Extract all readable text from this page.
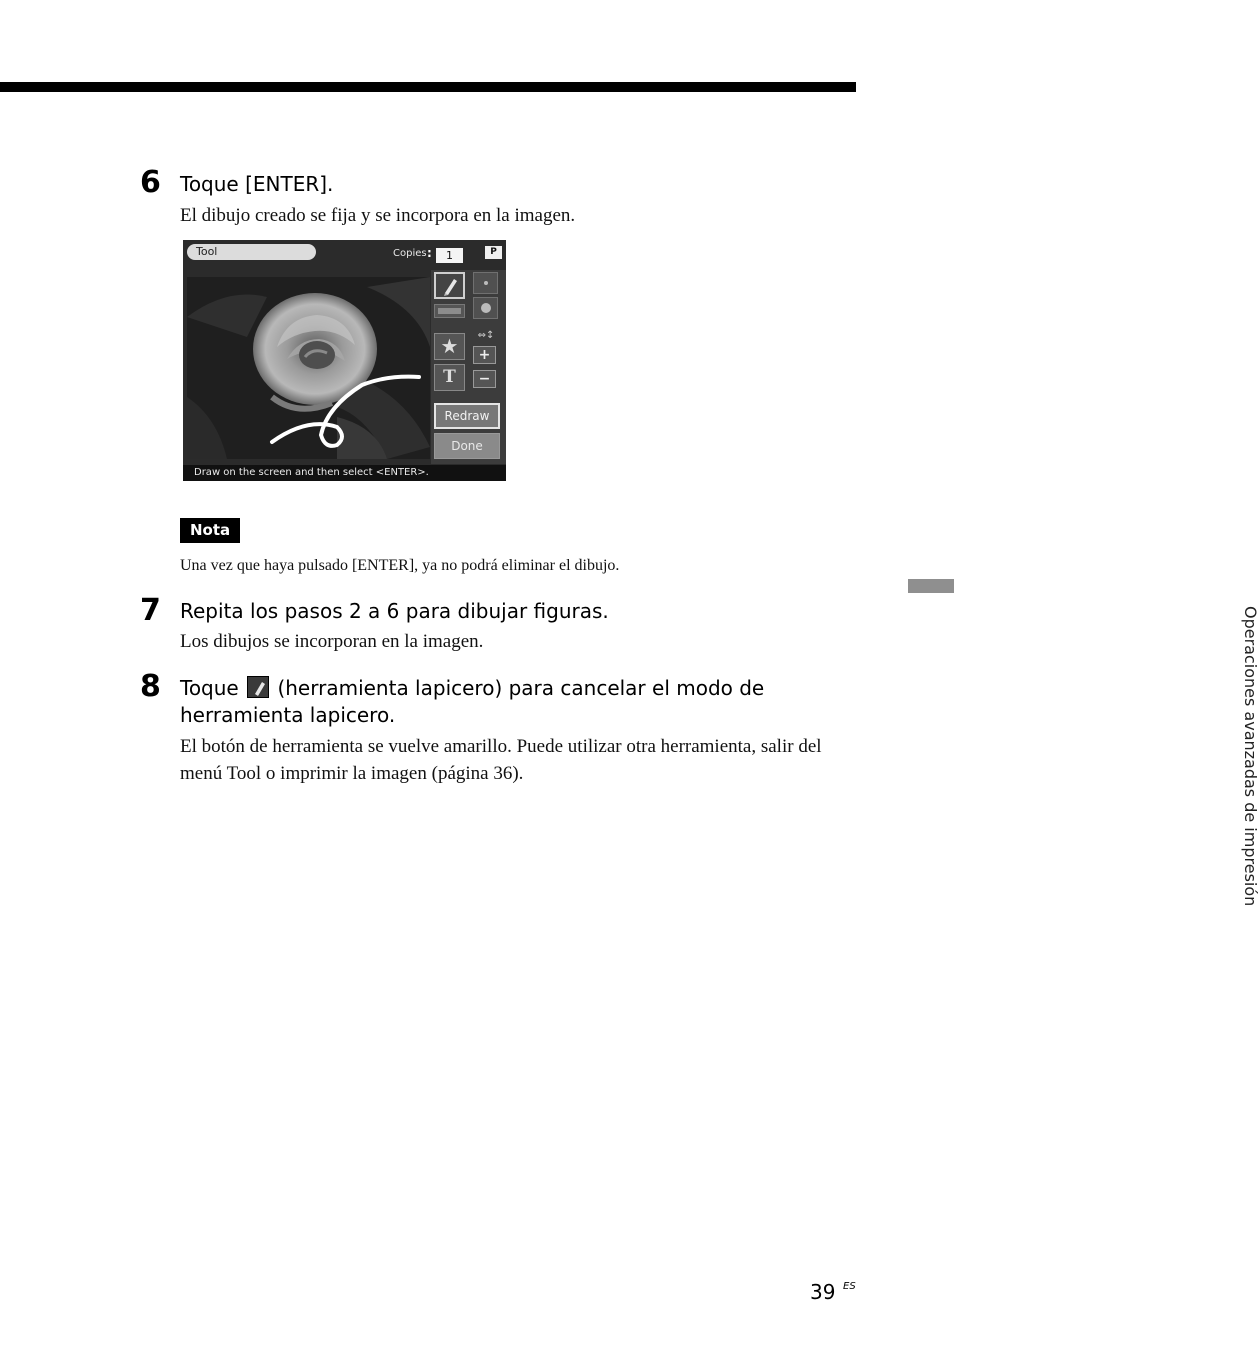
6 Toque [ENTER].
El dibujo creado se fija y se incorpora en la imagen.
Tool	Copies :	1	P
★
T
⇔↕
+
−
Redraw
Done
Draw on the screen and then select <ENTER>.
Nota
Una vez que haya pulsado [ENTER], ya no podrá eliminar el dibujo.
7 Repita los pasos 2 a 6 para dibujar figuras.
Los dibujos se incorporan en la imagen.
8 Toque (herramienta lapicero) para cancelar el modo de herramienta lapicero.
El botón de herramienta se vuelve amarillo. Puede utilizar otra herramienta, salir del menú Tool o imprimir la imagen (página 36).	Operaciones avanzadas de impresión
39 ES
